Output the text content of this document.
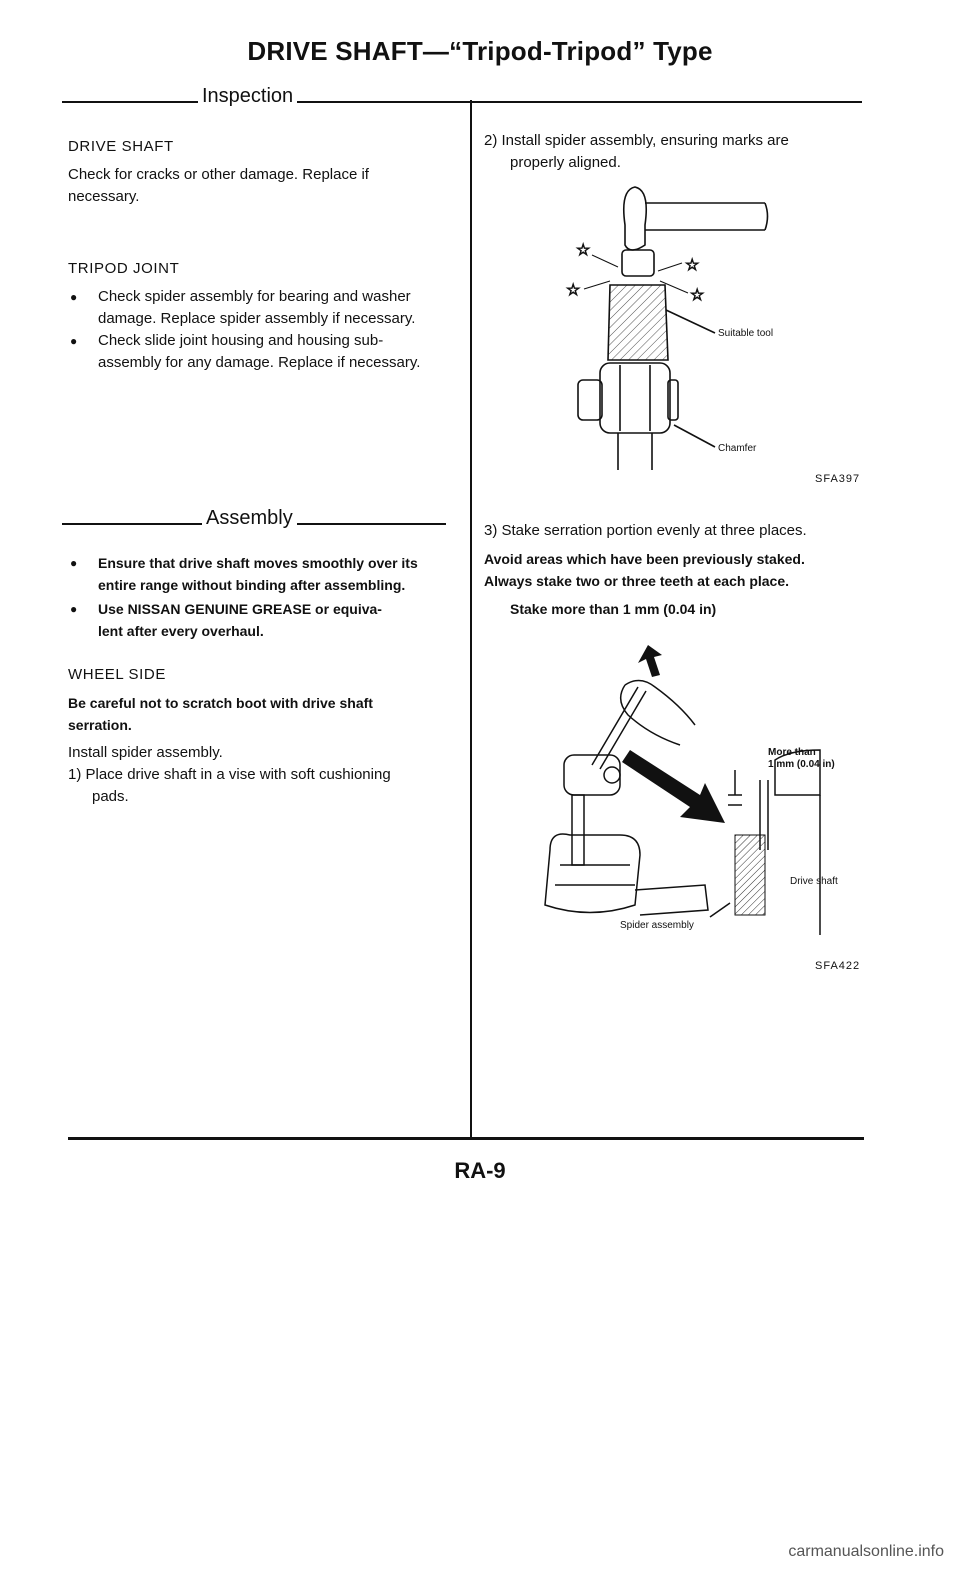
DRIVE SHAFT—“Tripod-Tripod” Type
Inspection
DRIVE SHAFT
Check for cracks or other damage. Replace if
necessary.
TRIPOD JOINT
●	Check spider assembly for bearing and washer
damage. Replace spider assembly if necessary.
●	Check slide joint housing and housing sub-
assembly for any damage. Replace if necessary.
Assembly
●	Ensure that drive shaft moves smoothly over its
entire range without binding after assembling.
●	Use NISSAN GENUINE GREASE or equiva-
lent after every overhaul.
WHEEL SIDE
Be careful not to scratch boot with drive shaft
serration.
Install spider assembly.
1) Place drive shaft in a vise with soft cushioning
pads.
2) Install spider assembly, ensuring marks are
properly aligned.
☆
☆
☆	☆
Suitable tool
Chamfer
SFA397
3) Stake serration portion evenly at three places.
Avoid areas which have been previously staked.
Always stake two or three teeth at each place.
Stake more than 1 mm (0.04 in)
More than
1 mm (0.04 in)
Drive shaft
Spider assembly
SFA422
RA-9
carmanualsonline.info
